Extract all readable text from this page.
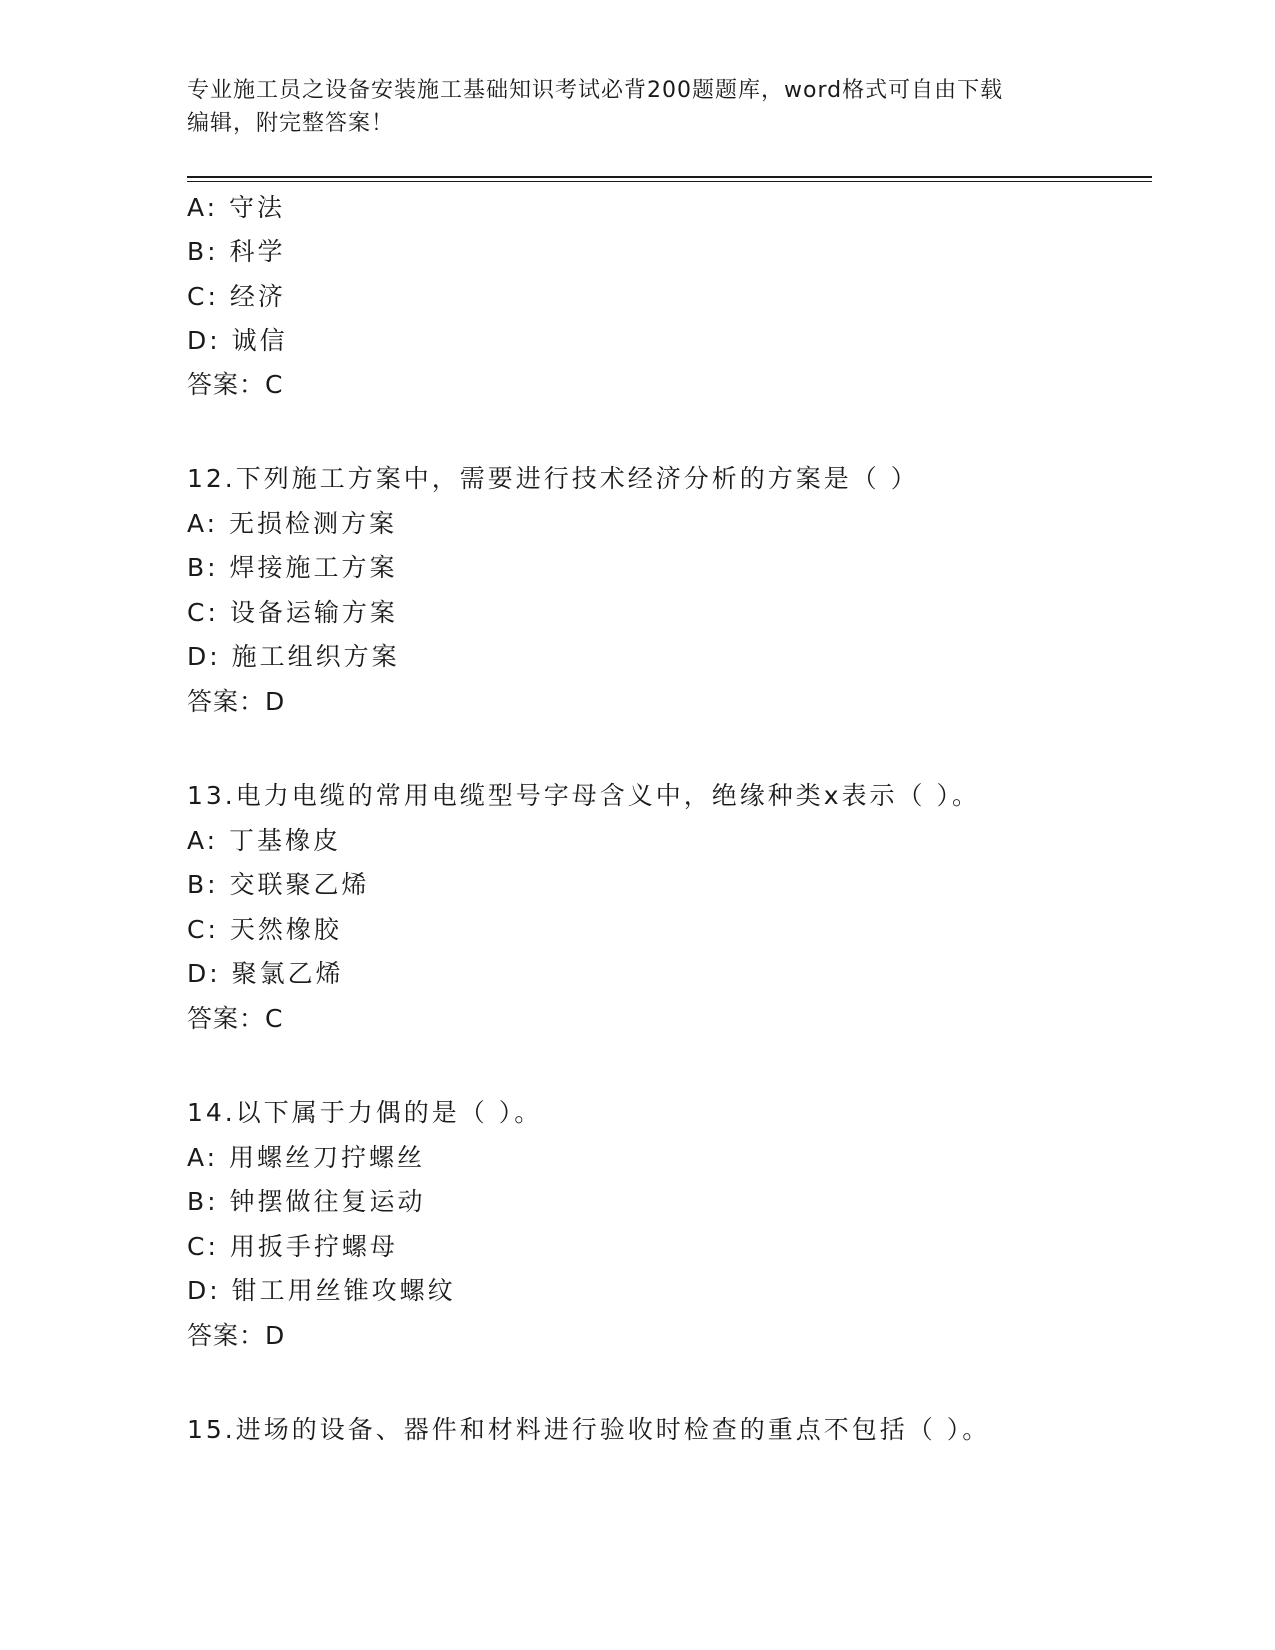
专业施工员之设备安装施工基础知识考试必背200题题库，word格式可自由下载
编辑，附完整答案！
A: 守法
B: 科学
C: 经济
D: 诚信
答案：C
12.下列施工方案中，需要进行技术经济分析的方案是（ ）
A: 无损检测方案
B: 焊接施工方案
C: 设备运输方案
D: 施工组织方案
答案：D
13.电力电缆的常用电缆型号字母含义中，绝缘种类x表示（ ）。
A: 丁基橡皮
B: 交联聚乙烯
C: 天然橡胶
D: 聚氯乙烯
答案：C
14.以下属于力偶的是（ ）。
A: 用螺丝刀拧螺丝
B: 钟摆做往复运动
C: 用扳手拧螺母
D: 钳工用丝锥攻螺纹
答案：D
15.进场的设备、器件和材料进行验收时检查的重点不包括（ ）。
